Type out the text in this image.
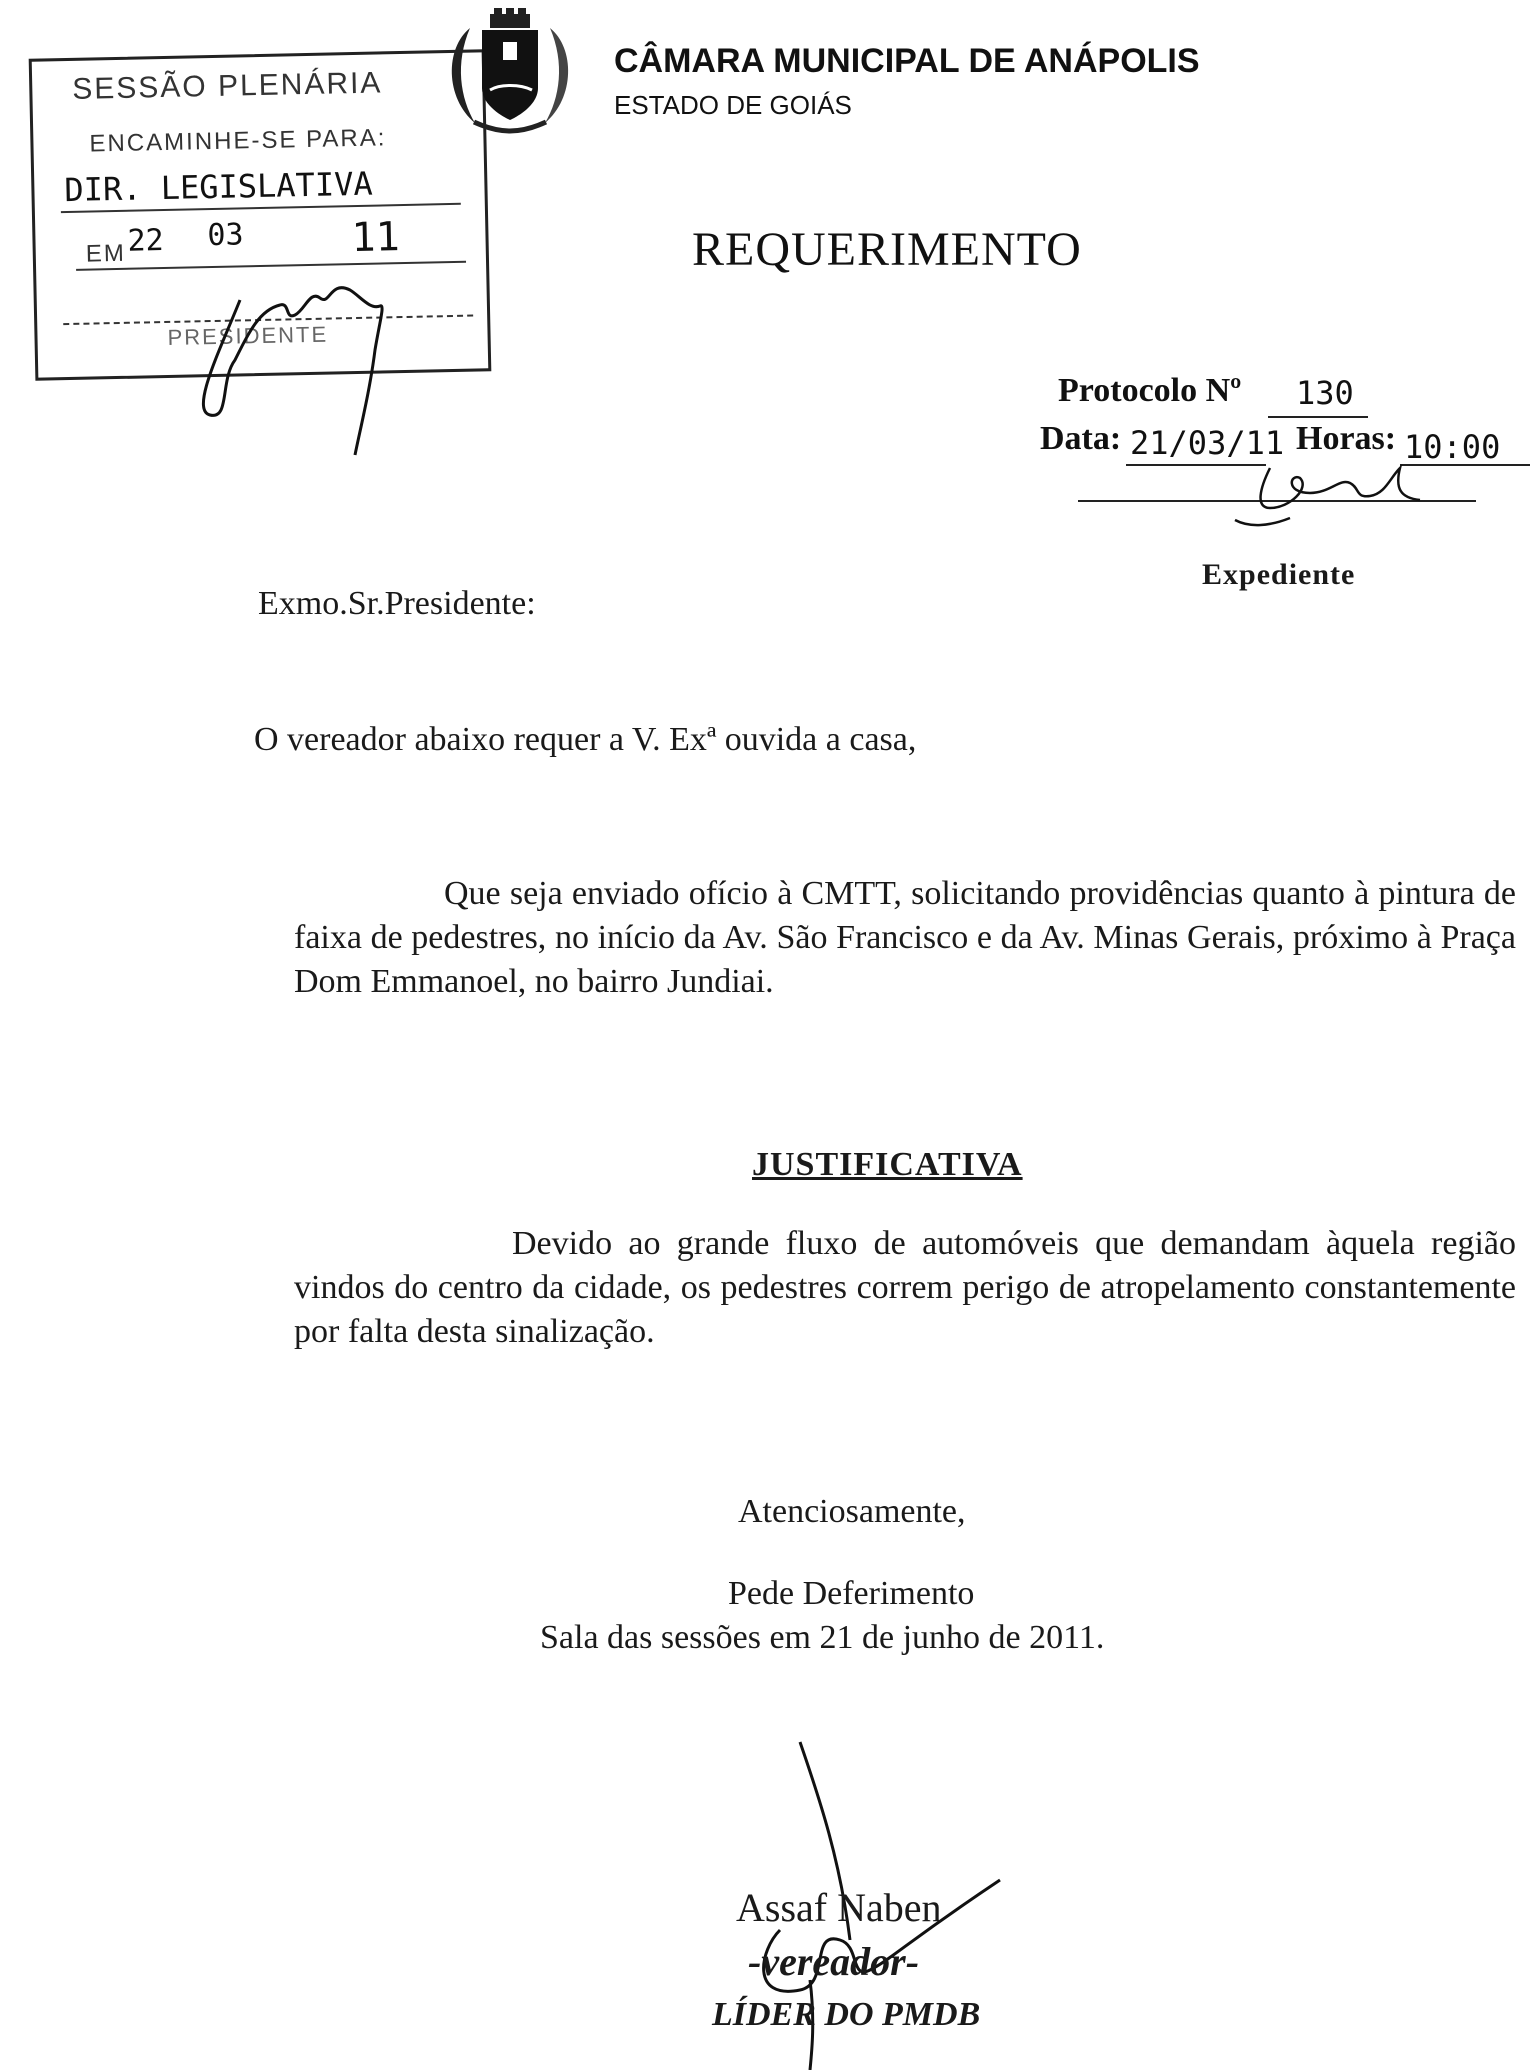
SESSÃO PLENÁRIA
ENCAMINHE-SE PARA:
DIR. LEGISLATIVA
EM 22 03	11
PRESIDENTE
CÂMARA MUNICIPAL DE ANÁPOLIS
ESTADO DE GOIÁS
REQUERIMENTO
Protocolo Nº 130
Data: 21/03/11 Horas: 10:00
Expediente
Exmo.Sr.Presidente:
O vereador abaixo requer a V. Exª ouvida a casa,
Que seja enviado ofício à CMTT, solicitando providências quanto à pintura de faixa de pedestres, no início da Av. São Francisco e da Av. Minas Gerais, próximo à Praça Dom Emmanoel, no bairro Jundiai.
JUSTIFICATIVA
Devido ao grande fluxo de automóveis que demandam àquela região vindos do centro da cidade, os pedestres correm perigo de atropelamento constantemente por falta desta sinalização.
Atenciosamente,
Pede Deferimento
Sala das sessões em 21 de junho de 2011.
Assaf Naben
-vereador-
LÍDER DO PMDB
